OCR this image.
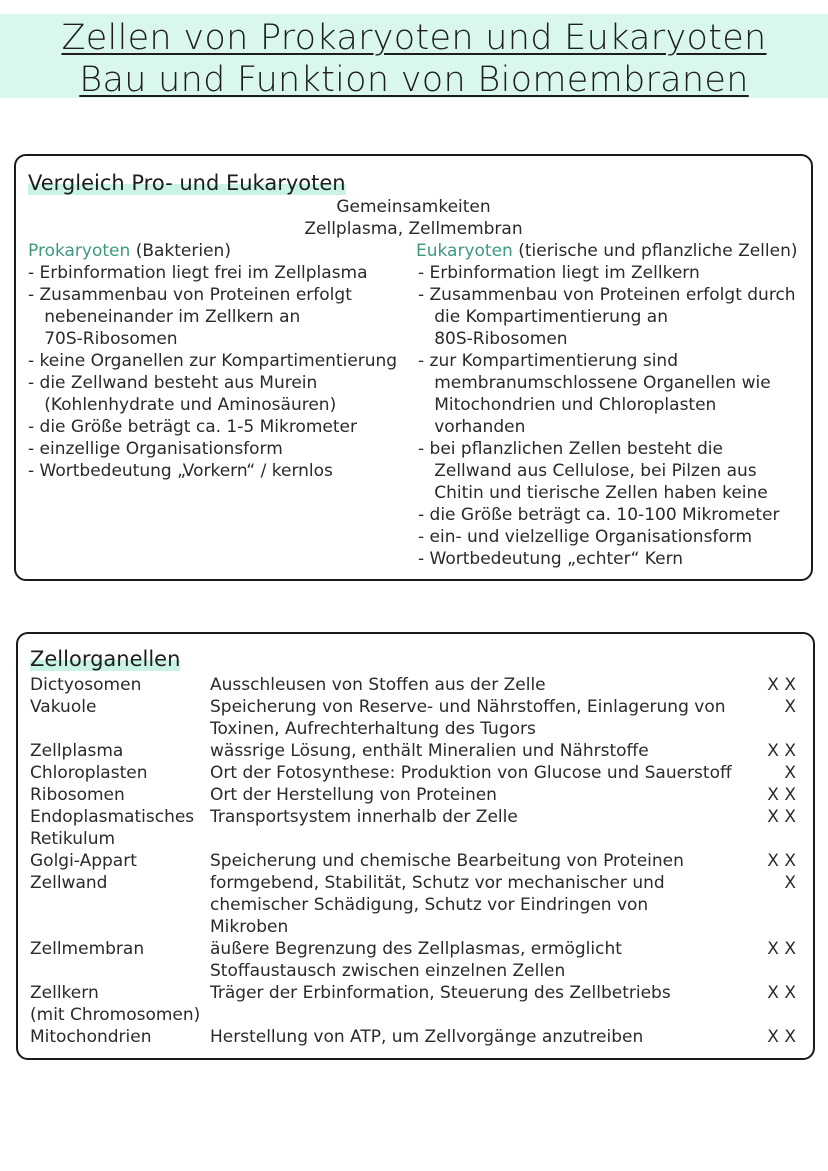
Zellen von Prokaryoten und Eukaryoten
Bau und Funktion von Biomembranen
Vergleich Pro- und Eukaryoten
Gemeinsamkeiten
Zellplasma, Zellmembran
Prokaryoten (Bakterien)	Eukaryoten (tierische und pflanzliche Zellen)
- Erbinformation liegt frei im Zellplasma
- Zusammenbau von Proteinen erfolgt
nebeneinander im Zellkern an
70S-Ribosomen
- keine Organellen zur Kompartimentierung
- die Zellwand besteht aus Murein
(Kohlenhydrate und Aminosäuren)
- die Größe beträgt ca. 1-5 Mikrometer
- einzellige Organisationsform
- Wortbedeutung „Vorkern“ / kernlos
- Erbinformation liegt im Zellkern
- Zusammenbau von Proteinen erfolgt durch
die Kompartimentierung an
80S-Ribosomen
- zur Kompartimentierung sind
membranumschlossene Organellen wie
Mitochondrien und Chloroplasten
vorhanden
- bei pflanzlichen Zellen besteht die
Zellwand aus Cellulose, bei Pilzen aus
Chitin und tierische Zellen haben keine
- die Größe beträgt ca. 10-100 Mikrometer
- ein- und vielzellige Organisationsform
- Wortbedeutung „echter“ Kern
Zellorganellen
Dictyosomen	Ausschleusen von Stoffen aus der Zelle	X X
Vakuole	Speicherung von Reserve- und Nährstoffen, Einlagerung von
Toxinen, Aufrechterhaltung des Tugors
X
Zellplasma	wässrige Lösung, enthält Mineralien und Nährstoffe	X X
Chloroplasten	Ort der Fotosynthese: Produktion von Glucose und Sauerstoff	X
Ribosomen	Ort der Herstellung von Proteinen	X X
Endoplasmatisches
Retikulum
Transportsystem innerhalb der Zelle	X X
Golgi-Appart	Speicherung und chemische Bearbeitung von Proteinen	X X
Zellwand	formgebend, Stabilität, Schutz vor mechanischer und
chemischer Schädigung, Schutz vor Eindringen von
Mikroben
X
Zellmembran	äußere Begrenzung des Zellplasmas, ermöglicht
Stoffaustausch zwischen einzelnen Zellen
X X
Zellkern
(mit Chromosomen)
Träger der Erbinformation, Steuerung des Zellbetriebs	X X
Mitochondrien	Herstellung von ATP, um Zellvorgänge anzutreiben	X X
